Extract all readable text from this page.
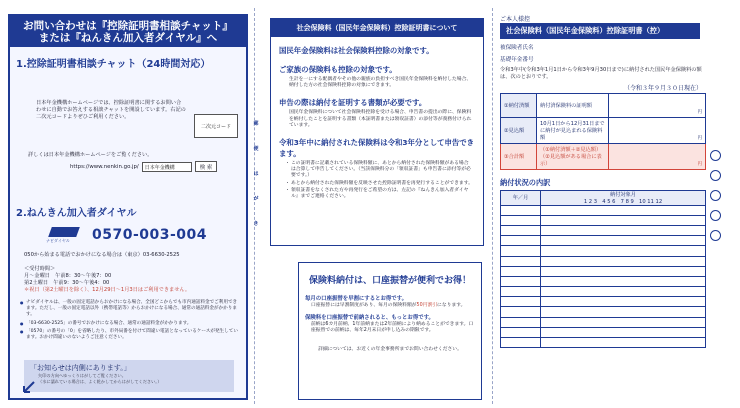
お問い合わせは『控除証明書相談チャット』
または『ねんきん加入者ダイヤル』へ
1.控除証明書相談チャット（24時間対応）
日本年金機構ホームページでは、控除証明書に関するお問い合わせに自動でお答えする相談チャットを開設しています。右記の二次元コードよりぜひご利用ください。
二次元コード
詳しくは日本年金機構ホームページをご覧ください。
https://www.nenkin.go.jp/	日本年金機構	検 索
2.ねんきん加入者ダイヤル
ナビダイヤル 0570-003-004
050から始まる電話でおかけになる場合は（東京）03-6630-2525
＜受付時間＞
月～金曜日　午前8：30～午後7：00
第2土曜日　午前9：30～午後4：00
＊祝日（第2土曜日を除く）、12月29日～1月3日はご利用できません。
● ナビダイヤルは、一般の固定電話からおかけになる場合、全国どこからでも市内通話料金でご利用できます。ただし、一般の固定電話以外（携帯電話等）からおかけになる場合、通常の通話料金がかかります。
● 「03-6630-2525」の番号でおかけになる場合、通常の通話料金がかかります。
● 「0570」の番号の「0」を省略したり、市外局番を付けて間違い電話となっているケースが発生しています。おかけ間違いのないようご注意ください。
「お知らせは内側にあります。」
矢印の方向へゆっくりはがしてご覧ください。
（水に濡れている場合は、よく乾かしてからはがしてください。）
郵
便
は
が
き
社会保険料（国民年金保険料）控除証明書について
国民年金保険料は社会保険料控除の対象です。
ご家族の保険料も控除の対象です。
生計を一にする配偶者やその他の親族の負担すべき国民年金保険料を納付した場合、納付した方の社会保険料控除の対象にできます。
申告の際は納付を証明する書類が必要です。
国民年金保険料について社会保険料控除を受ける場合、申告書の提出の際に、保険料を納付したことを証明する書類（本証明書または領収証書）の添付等が義務付けられています。
令和3年中に納付された保険料は令和3年分として申告できます。
・ この証明書に記載されている保険料額に、あとから納付された保険料額がある場合は合算して申告してください。（当該保険料分の「領収証書」も申告書に添付等が必要です。）
・ あとから納付された保険料額を反映させた控除証明書を再発行することができます。
・ 領収証書をなくされた方や再発行をご希望の方は、左記の『ねんきん加入者ダイヤル』までご連絡ください。
保険料納付は、口座振替が便利でお得！
毎月の口座振替を早割にするとお得です。
口座振替には早割制度があり、毎月の保険料額が50円割引になります。
保険料を口座振替で前納されると、もっとお得です。
前納は6カ月前納、1年前納または2年前納により納めることができます。口座振替での前納は、毎年2月末日が申し込みの期限です。
詳細については、お近くの年金事務所までお問い合わせください。
ご本人様控
社会保険料（国民年金保険料）控除証明書（控）
被保険者氏名
基礎年金番号
令和3年中(令和3年1月1日から令和3年9月30日まで)に納付された国民年金保険料の額は、次のとおりです。
（令和３年９月３０日現在）
①納付済額	納付済保険料の証明額	円
②見込額	10月1日から12月31日までに納付が見込まれる保険料額	円
③合計額	（①納付済額＋②見込額）（②見込額がある場合に表示）	円
納付状況の内訳
年／月	納付対象月
1 2 3　4 5 6　7 8 9　10 11 12
